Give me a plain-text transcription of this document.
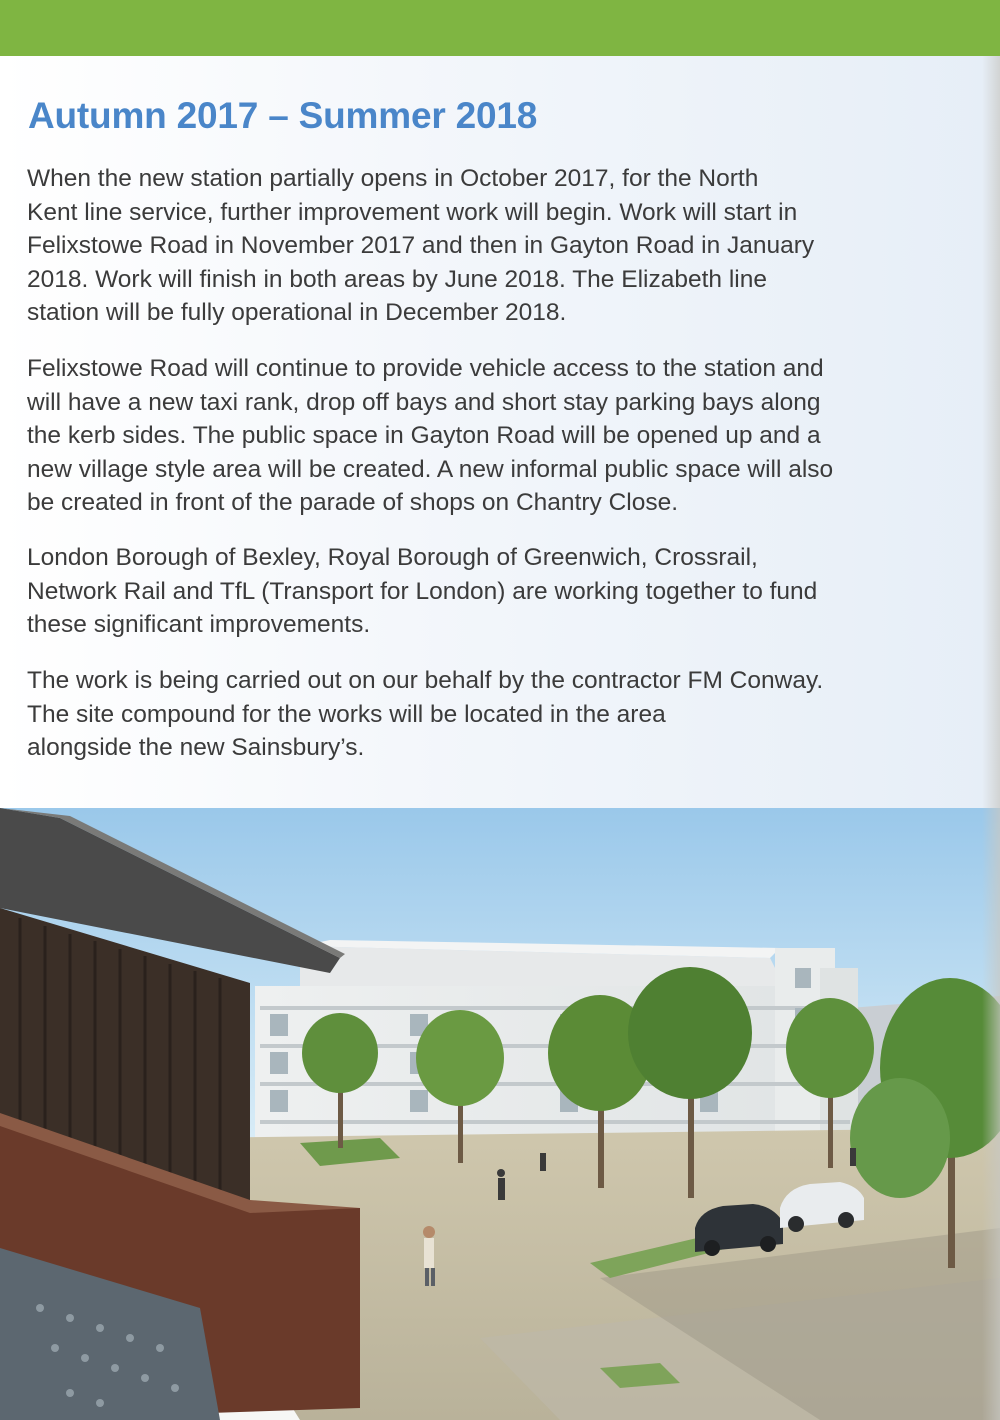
Autumn 2017 – Summer 2018

When the new station partially opens in October 2017, for the North
Kent line service, further improvement work will begin. Work will start in
Felixstowe Road in November 2017 and then in Gayton Road in January
2018. Work will finish in both areas by June 2018. The Elizabeth line
station will be fully operational in December 2018.

Felixstowe Road will continue to provide vehicle access to the station and
will have a new taxi rank, drop off bays and short stay parking bays along
the kerb sides. The public space in Gayton Road will be opened up and a
new village style area will be created. A new informal public space will also
be created in front of the parade of shops on Chantry Close.

London Borough of Bexley, Royal Borough of Greenwich, Crossrail,
Network Rail and TfL (Transport for London) are working together to fund
these significant improvements.

The work is being carried out on our behalf by the contractor FM Conway.
The site compound for the works will be located in the area
alongside the new Sainsbury’s.
